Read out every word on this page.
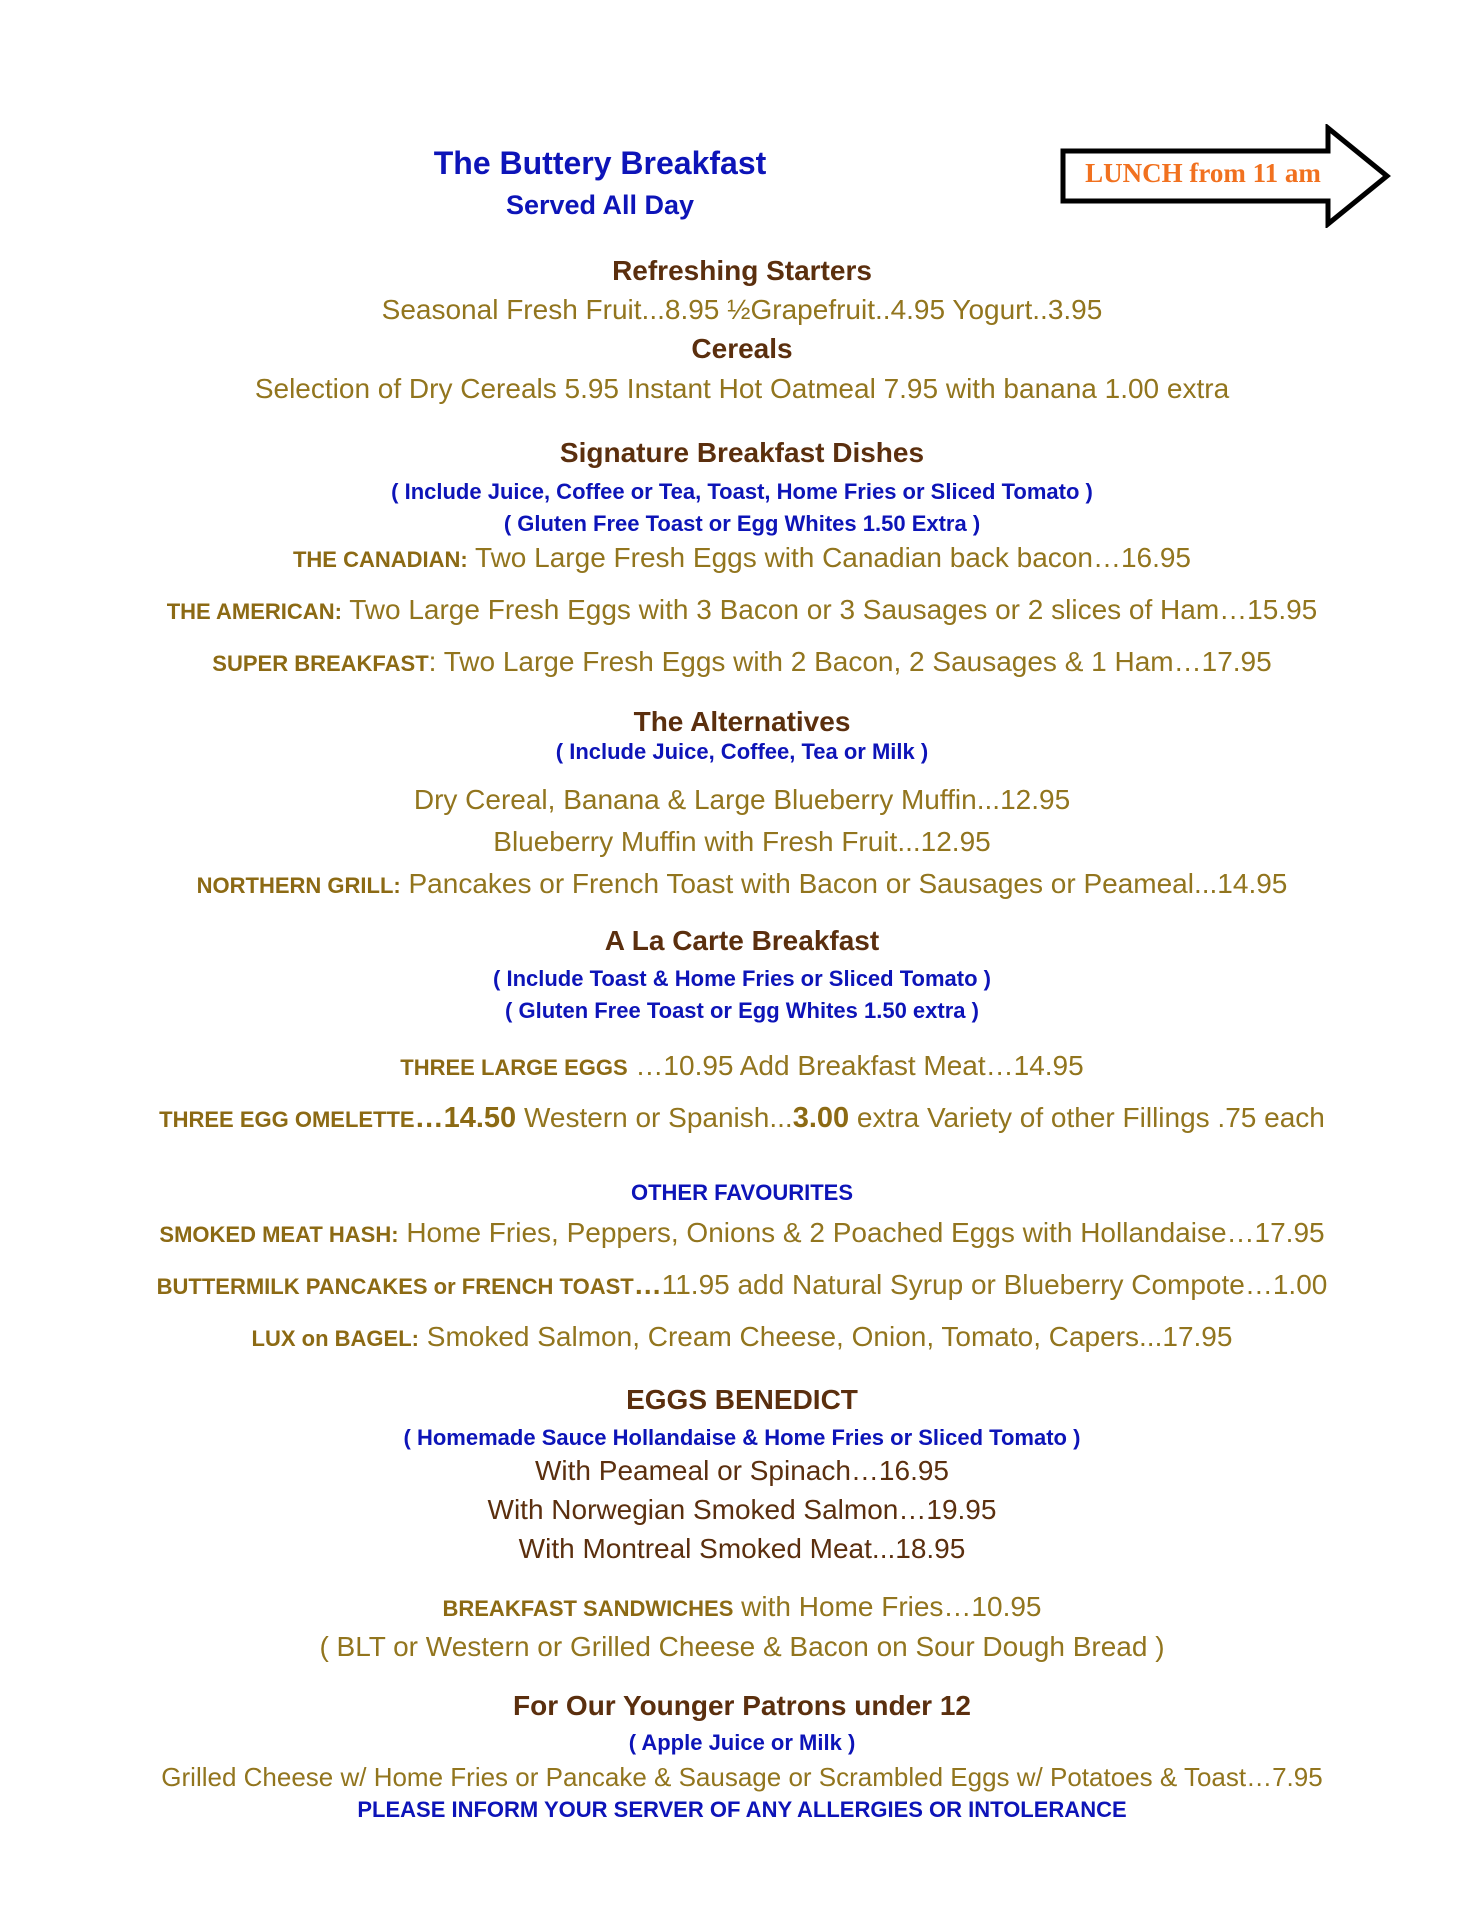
The Buttery Breakfast
Served All Day
LUNCH from 11 am
Refreshing Starters
Seasonal Fresh Fruit...8.95 ½Grapefruit..4.95 Yogurt..3.95
Cereals
Selection of Dry Cereals 5.95 Instant Hot Oatmeal 7.95 with banana 1.00 extra
Signature Breakfast Dishes
( Include Juice, Coffee or Tea, Toast, Home Fries or Sliced Tomato )
( Gluten Free Toast or Egg Whites 1.50 Extra )
THE CANADIAN: Two Large Fresh Eggs with Canadian back bacon…16.95
THE AMERICAN: Two Large Fresh Eggs with 3 Bacon or 3 Sausages or 2 slices of Ham…15.95
SUPER BREAKFAST: Two Large Fresh Eggs with 2 Bacon, 2 Sausages & 1 Ham…17.95
The Alternatives
( Include Juice, Coffee, Tea or Milk )
Dry Cereal, Banana & Large Blueberry Muffin...12.95
Blueberry Muffin with Fresh Fruit...12.95
NORTHERN GRILL: Pancakes or French Toast with Bacon or Sausages or Peameal...14.95
A La Carte Breakfast
( Include Toast & Home Fries or Sliced Tomato )
( Gluten Free Toast or Egg Whites 1.50 extra )
THREE LARGE EGGS …10.95 Add Breakfast Meat…14.95
THREE EGG OMELETTE…14.50 Western or Spanish...3.00 extra Variety of other Fillings .75 each
OTHER FAVOURITES
SMOKED MEAT HASH: Home Fries, Peppers, Onions & 2 Poached Eggs with Hollandaise…17.95
BUTTERMILK PANCAKES or FRENCH TOAST…11.95 add Natural Syrup or Blueberry Compote…1.00
LUX on BAGEL: Smoked Salmon, Cream Cheese, Onion, Tomato, Capers...17.95
EGGS BENEDICT
( Homemade Sauce Hollandaise & Home Fries or Sliced Tomato )
With Peameal or Spinach…16.95
With Norwegian Smoked Salmon…19.95
With Montreal Smoked Meat...18.95
BREAKFAST SANDWICHES with Home Fries…10.95
( BLT or Western or Grilled Cheese & Bacon on Sour Dough Bread )
For Our Younger Patrons under 12
( Apple Juice or Milk )
Grilled Cheese w/ Home Fries or Pancake & Sausage or Scrambled Eggs w/ Potatoes & Toast…7.95
PLEASE INFORM YOUR SERVER OF ANY ALLERGIES OR INTOLERANCE
